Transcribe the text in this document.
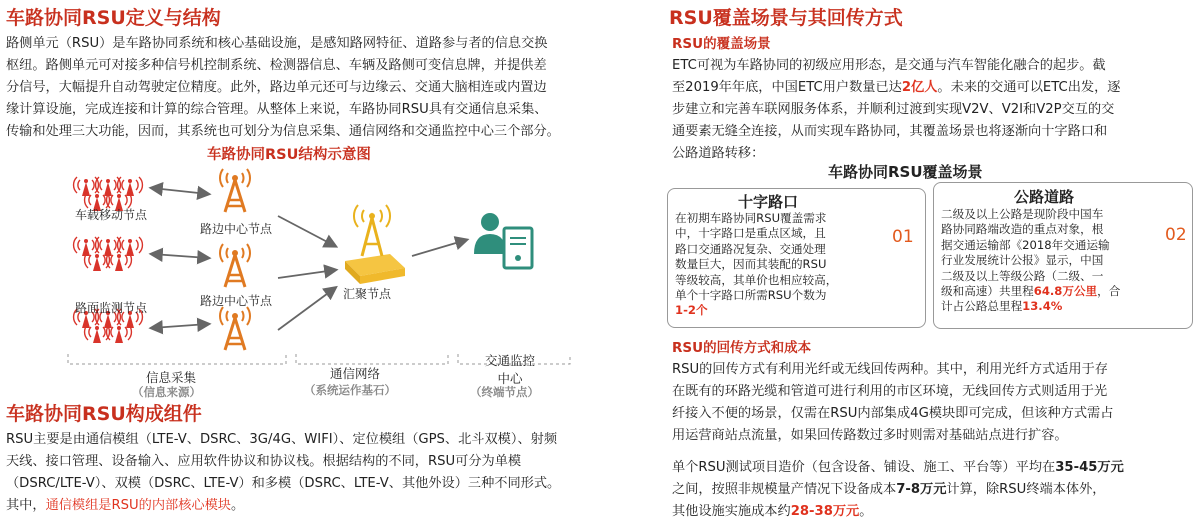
车路协同RSU定义与结构
路侧单元（RSU）是车路协同系统和核心基础设施，是感知路网特征、道路参与者的信息交换
枢纽。路侧单元可对接多种信号机控制系统、检测器信息、车辆及路侧可变信息牌，并提供差
分信号，大幅提升自动驾驶定位精度。此外，路边单元还可与边缘云、交通大脑相连或内置边
缘计算设施，完成连接和计算的综合管理。从整体上来说，车路协同RSU具有交通信息采集、
传输和处理三大功能，因而，其系统也可划分为信息采集、通信网络和交通监控中心三个部分。
车路协同RSU结构示意图
车载移动节点
路面监测节点
路边中心节点
路边中心节点	汇聚节点
信息采集
（信息来源）
通信网络
（系统运作基石）
交通监控
中心
（终端节点）
车路协同RSU构成组件
RSU主要是由通信模组（LTE-V、DSRC、3G/4G、WIFI）、定位模组（GPS、北斗双模）、射频
天线、接口管理、设备输入、应用软件协议和协议栈。根据结构的不同，RSU可分为单模
（DSRC/LTE-V）、双模（DSRC、LTE-V）和多模（DSRC、LTE-V、其他外设）三种不同形式。
其中，通信模组是RSU的内部核心模块。
RSU覆盖场景与其回传方式
RSU的覆盖场景
ETC可视为车路协同的初级应用形态，是交通与汽车智能化融合的起步。截
至2019年年底，中国ETC用户数量已达2亿人。未来的交通可以ETC出发，逐
步建立和完善车联网服务体系，并顺利过渡到实现V2V、V2I和V2P交互的交
通要素无缝全连接，从而实现车路协同，其覆盖场景也将逐渐向十字路口和
公路道路转移：
车路协同RSU覆盖场景
十字路口
在初期车路协同RSU覆盖需求
中，十字路口是重点区域，且
路口交通路况复杂、交通处理
数量巨大，因而其装配的RSU
等级较高，其单价也相应较高，
单个十字路口所需RSU个数为
1-2个
01
公路道路
二级及以上公路是现阶段中国车
路协同路端改造的重点对象，根
据交通运输部《2018年交通运输
行业发展统计公报》显示，中国
二级及以上等级公路（二级、一
级和高速）共里程64.8万公里，合
计占公路总里程13.4%
02
RSU的回传方式和成本
RSU的回传方式有利用光纤或无线回传两种。其中，利用光纤方式适用于存
在既有的环路光缆和管道可进行利用的市区环境，无线回传方式则适用于光
纤接入不便的场景，仅需在RSU内部集成4G模块即可完成，但该种方式需占
用运营商站点流量，如果回传路数过多时则需对基础站点进行扩容。
单个RSU测试项目造价（包含设备、铺设、施工、平台等）平均在35-45万元
之间，按照非规模量产情况下设备成本7-8万元计算，除RSU终端本体外，
其他设施实施成本约28-38万元。
